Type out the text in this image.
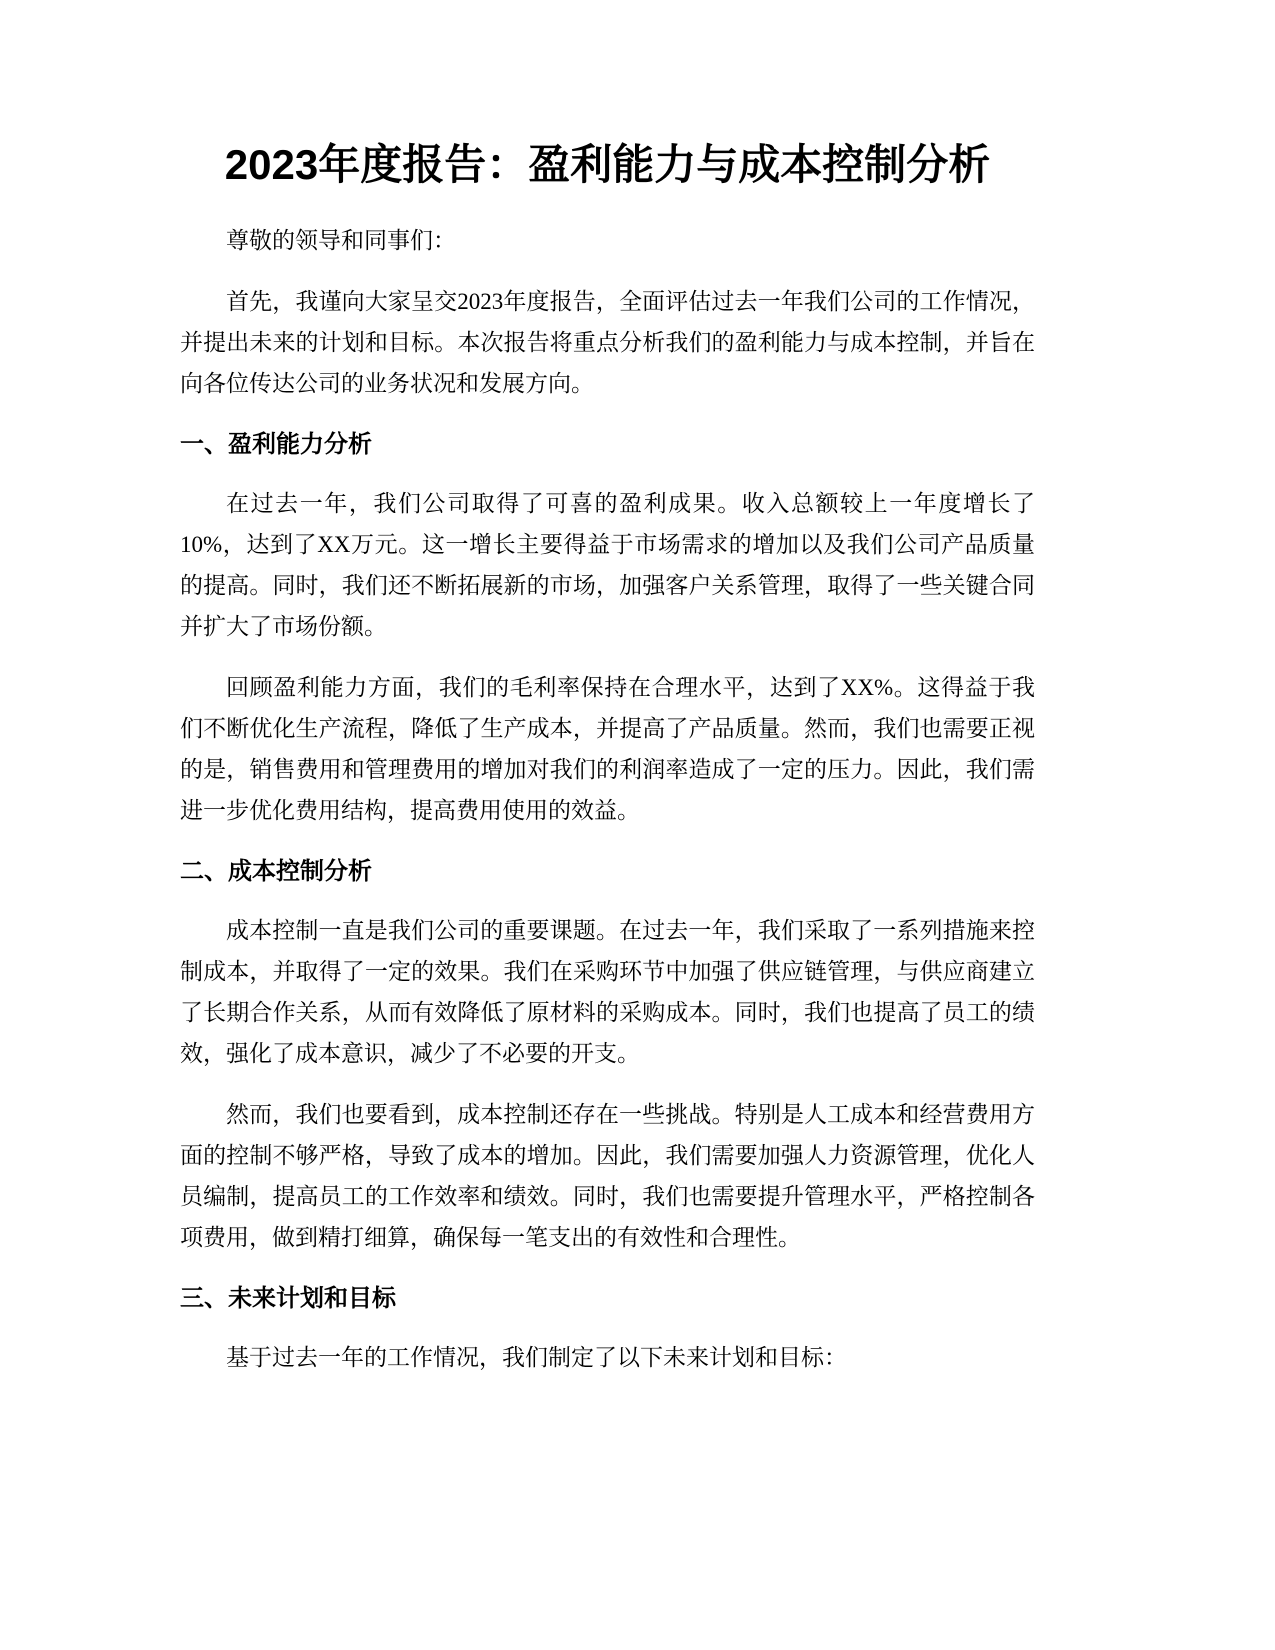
2023年度报告：盈利能力与成本控制分析

尊敬的领导和同事们：

首先，我谨向大家呈交2023年度报告，全面评估过去一年我们公司的工作情况，并提出未来的计划和目标。本次报告将重点分析我们的盈利能力与成本控制，并旨在向各位传达公司的业务状况和发展方向。

一、盈利能力分析

在过去一年，我们公司取得了可喜的盈利成果。收入总额较上一年度增长了10%，达到了XX万元。这一增长主要得益于市场需求的增加以及我们公司产品质量的提高。同时，我们还不断拓展新的市场，加强客户关系管理，取得了一些关键合同并扩大了市场份额。

回顾盈利能力方面，我们的毛利率保持在合理水平，达到了XX%。这得益于我们不断优化生产流程，降低了生产成本，并提高了产品质量。然而，我们也需要正视的是，销售费用和管理费用的增加对我们的利润率造成了一定的压力。因此，我们需进一步优化费用结构，提高费用使用的效益。

二、成本控制分析

成本控制一直是我们公司的重要课题。在过去一年，我们采取了一系列措施来控制成本，并取得了一定的效果。我们在采购环节中加强了供应链管理，与供应商建立了长期合作关系，从而有效降低了原材料的采购成本。同时，我们也提高了员工的绩效，强化了成本意识，减少了不必要的开支。

然而，我们也要看到，成本控制还存在一些挑战。特别是人工成本和经营费用方面的控制不够严格，导致了成本的增加。因此，我们需要加强人力资源管理，优化人员编制，提高员工的工作效率和绩效。同时，我们也需要提升管理水平，严格控制各项费用，做到精打细算，确保每一笔支出的有效性和合理性。

三、未来计划和目标

基于过去一年的工作情况，我们制定了以下未来计划和目标：
